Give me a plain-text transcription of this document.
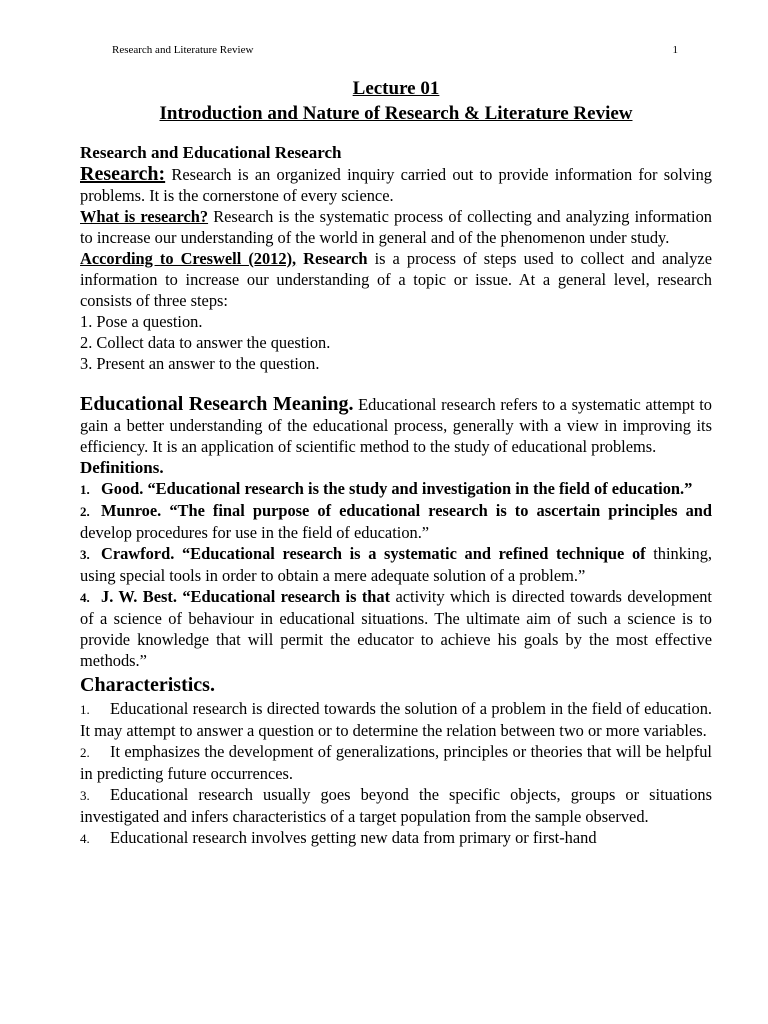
Research and Literature Review	1
Lecture 01
Introduction and Nature of Research & Literature Review
Research and Educational Research

Research: Research is an organized inquiry carried out to provide information for solving problems. It is the cornerstone of every science.

What is research? Research is the systematic process of collecting and analyzing information to increase our understanding of the world in general and of the phenomenon under study.

According to Creswell (2012), Research is a process of steps used to collect and analyze information to increase our understanding of a topic or issue. At a general level, research consists of three steps:

1. Pose a question.
2. Collect data to answer the question.
3. Present an answer to the question.

Educational Research Meaning. Educational research refers to a systematic attempt to gain a better understanding of the educational process, generally with a view in improving its efficiency. It is an application of scientific method to the study of educational problems.

Definitions.

1. Good. “Educational research is the study and investigation in the field of education.”

2. Munroe. “The final purpose of educational research is to ascertain principles and develop procedures for use in the field of education.”

3. Crawford. “Educational research is a systematic and refined technique of thinking, using special tools in order to obtain a mere adequate solution of a problem.”

4. J. W. Best. “Educational research is that activity which is directed towards development of a science of behaviour in educational situations. The ultimate aim of such a science is to provide knowledge that will permit the educator to achieve his goals by the most effective methods.”

Characteristics.

1. Educational research is directed towards the solution of a problem in the field of education. It may attempt to answer a question or to determine the relation between two or more variables.

2. It emphasizes the development of generalizations, principles or theories that will be helpful in predicting future occurrences.

3. Educational research usually goes beyond the specific objects, groups or situations investigated and infers characteristics of a target population from the sample observed.

4. Educational research involves getting new data from primary or first-hand
